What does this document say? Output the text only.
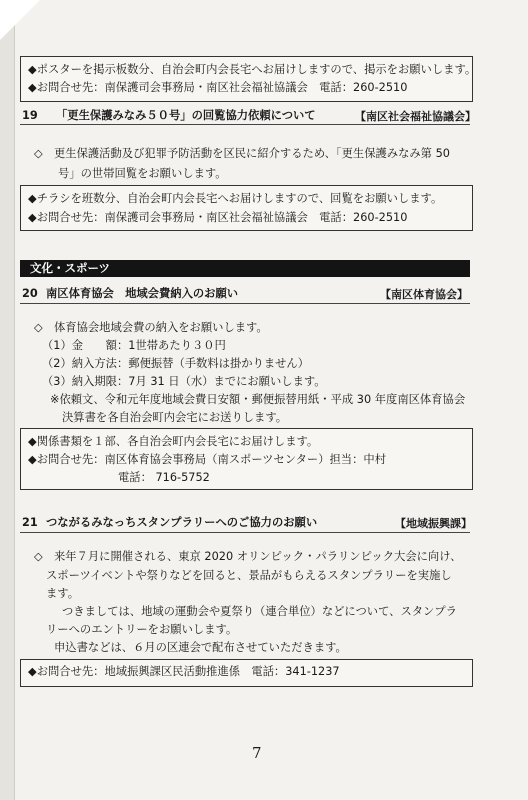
◆ポスターを掲示板数分、自治会町内会長宅へお届けしますので、掲示をお願いします。
◆お問合せ先：南保護司会事務局・南区社会福祉協議会　電話：260-2510
19 「更生保護みなみ５０号」の回覧協力依頼について	【南区社会福祉協議会】
◇　更生保護活動及び犯罪予防活動を区民に紹介するため、「更生保護みなみ第 50
号」の世帯回覧をお願いします。
◆チラシを班数分、自治会町内会長宅へお届けしますので、回覧をお願いします。
◆お問合せ先：南保護司会事務局・南区社会福祉協議会　電話：260-2510
文化・スポーツ
20 南区体育協会　地域会費納入のお願い	【南区体育協会】
◇　体育協会地域会費の納入をお願いします。
（1）金　　額：1世帯あたり３０円
（2）納入方法：郵便振替（手数料は掛かりません）
（3）納入期限：7月 31 日（水）までにお願いします。
※依頼文、令和元年度地域会費日安額・郵便振替用紙・平成 30 年度南区体育協会
決算書を各自治会町内会宅にお送りします。
◆関係書類を１部、各自治会町内会長宅にお届けします。
◆お問合せ先：南区体育協会事務局（南スポーツセンター）担当：中村
電話： 716-5752
21 つながるみなっちスタンプラリーへのご協力のお願い	【地域振興課】
◇　来年７月に開催される、東京 2020 オリンピック・パラリンピック大会に向け、
スポーツイベントや祭りなどを回ると、景品がもらえるスタンプラリーを実施し
ます。
つきましては、地域の運動会や夏祭り（連合単位）などについて、スタンプラ
リーへのエントリーをお願いします。
申込書などは、６月の区連会で配布させていただきます。
◆お問合せ先：地域振興課区民活動推進係　電話：341-1237
7
